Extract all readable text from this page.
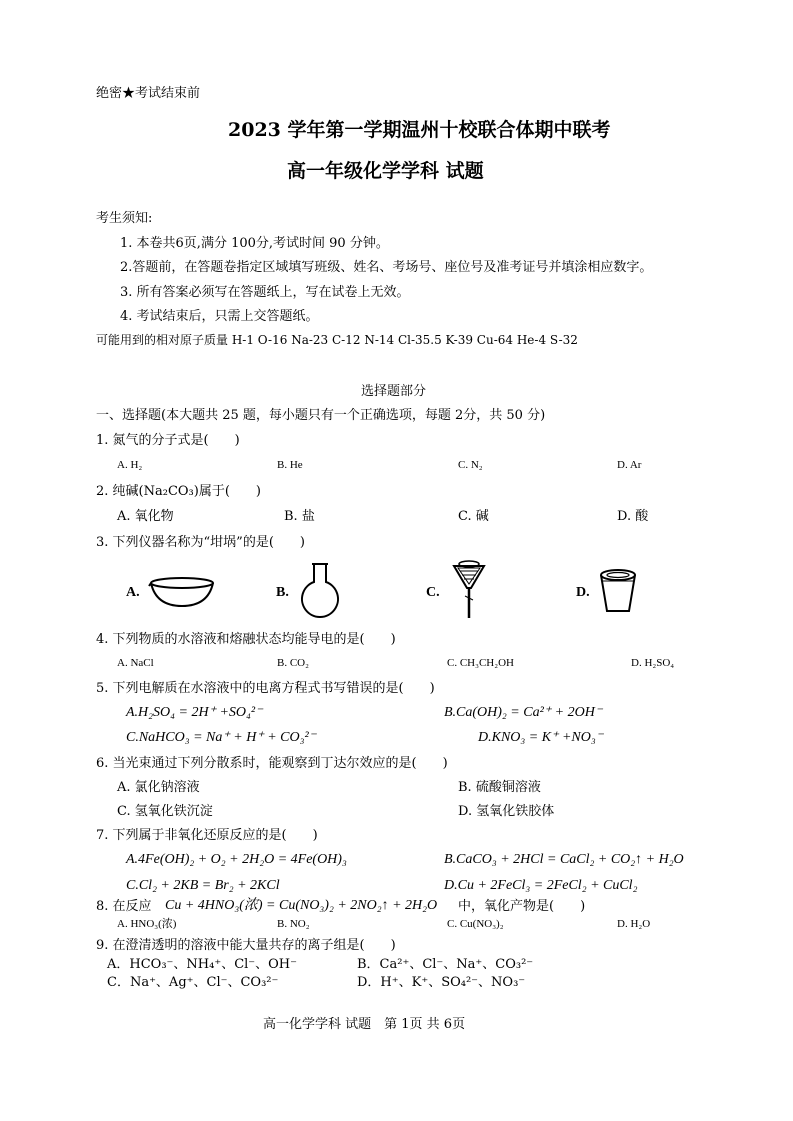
绝密★考试结束前
2023 学年第一学期温州十校联合体期中联考
高一年级化学学科 试题
考生须知:
1. 本卷共6页,满分 100分,考试时间 90 分钟。
2.答题前，在答题卷指定区域填写班级、姓名、考场号、座位号及准考证号并填涂相应数字。
3. 所有答案必须写在答题纸上，写在试卷上无效。
4. 考试结束后，只需上交答题纸。
可能用到的相对原子质量 H-1 O-16 Na-23 C-12 N-14 Cl-35.5 K-39 Cu-64 He-4 S-32
选择题部分
一、选择题(本大题共 25 题，每小题只有一个正确选项，每题 2分，共 50 分)
1. 氮气的分子式是(　　)
A. H₂	B. He	C. N₂	D. Ar
2. 纯碱(Na₂CO₃)属于(　　)
A. 氧化物	B. 盐	C. 碱	D. 酸
3. 下列仪器名称为“坩埚”的是(　　)
A.	B.	C.	D.
4. 下列物质的水溶液和熔融状态均能导电的是(　　)
A. NaCl	B. CO₂	C. CH₃CH₂OH	D. H₂SO₄
5. 下列电解质在水溶液中的电离方程式书写错误的是(　　)
A.H₂SO₄ = 2H⁺ +SO₄²⁻	B.Ca(OH)₂ = Ca²⁺ + 2OH⁻
C.NaHCO₃ = Na⁺ + H⁺ + CO₃²⁻	D.KNO₃ = K⁺ +NO₃⁻
6. 当光束通过下列分散系时，能观察到丁达尔效应的是(　　)
A. 氯化钠溶液	B. 硫酸铜溶液
C. 氢氧化铁沉淀	D. 氢氧化铁胶体
7. 下列属于非氧化还原反应的是(　　)
A.4Fe(OH)₂ + O₂ + 2H₂O = 4Fe(OH)₃	B.CaCO₃ + 2HCl = CaCl₂ + CO₂↑ + H₂O
C.Cl₂ + 2KB = Br₂ + 2KCl	D.Cu + 2FeCl₃ = 2FeCl₂ + CuCl₂
8. 在反应 Cu + 4HNO₃(浓) = Cu(NO₃)₂ + 2NO₂↑ + 2H₂O 中，氧化产物是(　　)
A. HNO₃(浓)	B. NO₂	C. Cu(NO₃)₂	D. H₂O
9. 在澄清透明的溶液中能大量共存的离子组是(　　)
A．HCO₃⁻、NH₄⁺、Cl⁻、OH⁻	B．Ca²⁺、Cl⁻、Na⁺、CO₃²⁻
C．Na⁺、Ag⁺、Cl⁻、CO₃²⁻	D．H⁺、K⁺、SO₄²⁻、NO₃⁻
高一化学学科 试题　第 1页 共 6页
